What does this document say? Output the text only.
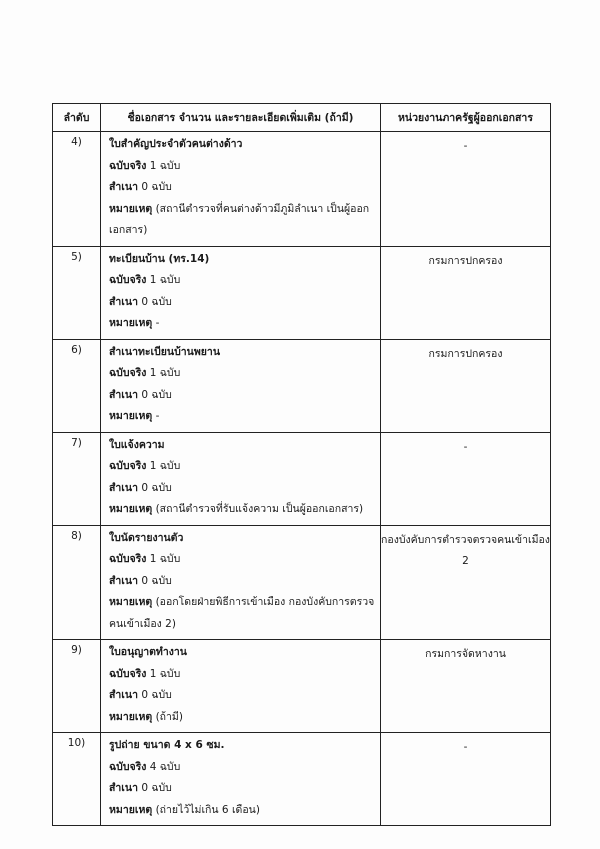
ลำดับ	ชื่อเอกสาร จำนวน และรายละเอียดเพิ่มเติม (ถ้ามี)	หน่วยงานภาครัฐผู้ออกเอกสาร
4)	ใบสำคัญประจำตัวคนต่างด้าว
ฉบับจริง 1 ฉบับ
สำเนา 0 ฉบับ
หมายเหตุ (สถานีตำรวจที่คนต่างด้าวมีภูมิลำเนา เป็นผู้ออกเอกสาร)	-
5)	ทะเบียนบ้าน (ทร.14)
ฉบับจริง 1 ฉบับ
สำเนา 0 ฉบับ
หมายเหตุ -	กรมการปกครอง
6)	สำเนาทะเบียนบ้านพยาน
ฉบับจริง 1 ฉบับ
สำเนา 0 ฉบับ
หมายเหตุ -	กรมการปกครอง
7)	ใบแจ้งความ
ฉบับจริง 1 ฉบับ
สำเนา 0 ฉบับ
หมายเหตุ (สถานีตำรวจที่รับแจ้งความ เป็นผู้ออกเอกสาร)	-
8)	ใบนัดรายงานตัว
ฉบับจริง 1 ฉบับ
สำเนา 0 ฉบับ
หมายเหตุ (ออกโดยฝ่ายพิธีการเข้าเมือง กองบังคับการตรวจคนเข้าเมือง 2)	กองบังคับการตำรวจตรวจคนเข้าเมือง 2
9)	ใบอนุญาตทำงาน
ฉบับจริง 1 ฉบับ
สำเนา 0 ฉบับ
หมายเหตุ (ถ้ามี)	กรมการจัดหางาน
10)	รูปถ่าย ขนาด 4 x 6 ซม.
ฉบับจริง 4 ฉบับ
สำเนา 0 ฉบับ
หมายเหตุ (ถ่ายไว้ไม่เกิน 6 เดือน)	-
